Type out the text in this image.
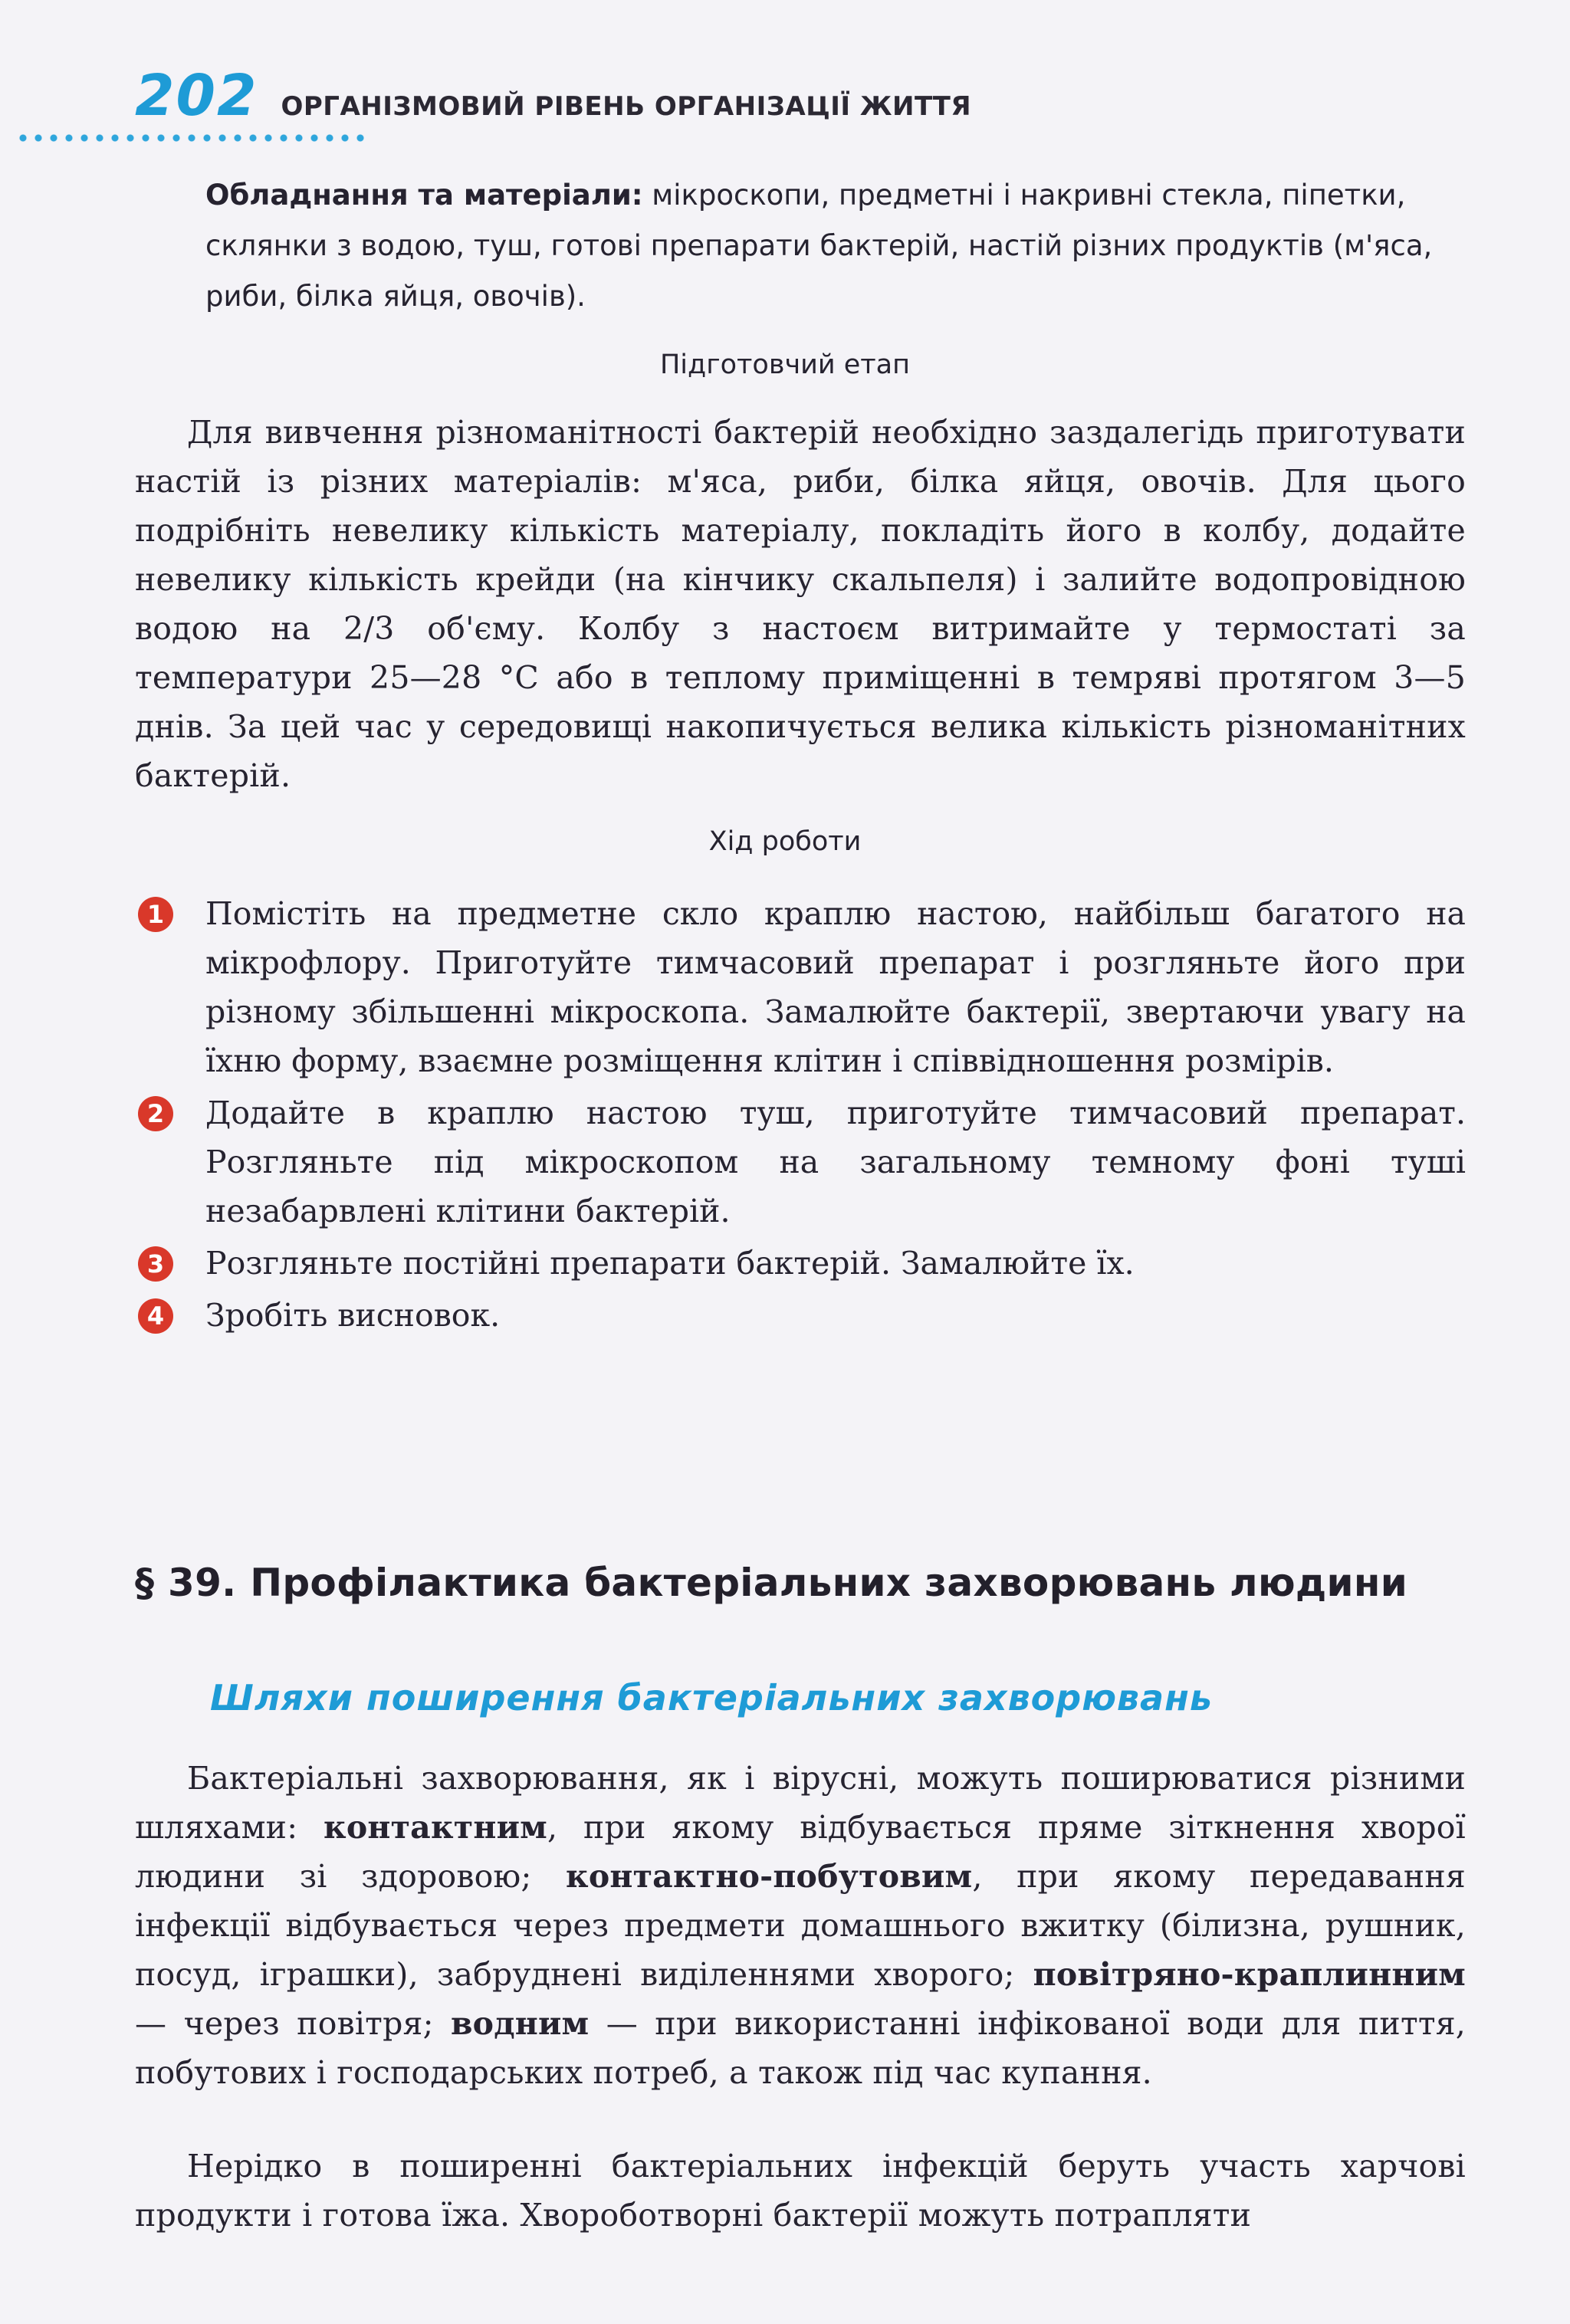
202 ОРГАНІЗМОВИЙ РІВЕНЬ ОРГАНІЗАЦІЇ ЖИТТЯ
Обладнання та матеріали: мікроскопи, предметні і накривні стекла, піпетки, склянки з водою, туш, готові препарати бактерій, настій різних продуктів (м'яса, риби, білка яйця, овочів).
Підготовчий етап
Для вивчення різноманітності бактерій необхідно заздалегідь приготувати настій із різних матеріалів: м'яса, риби, білка яйця, овочів. Для цього подрібніть невелику кількість матеріалу, покладіть його в колбу, додайте невелику кількість крейди (на кінчику скальпеля) і залийте водопровідною водою на 2/3 об'єму. Колбу з настоєм витримайте у термостаті за температури 25—28 °С або в теплому приміщенні в темряві протягом 3—5 днів. За цей час у середовищі накопичується велика кількість різноманітних бактерій.
Хід роботи
1 Помістіть на предметне скло краплю настою, найбільш багатого на мікрофлору. Приготуйте тимчасовий препарат і розгляньте його при різному збільшенні мікроскопа. Замалюйте бактерії, звертаючи увагу на їхню форму, взаємне розміщення клітин і співвідношення розмірів.
2 Додайте в краплю настою туш, приготуйте тимчасовий препарат. Розгляньте під мікроскопом на загальному темному фоні туші незабарвлені клітини бактерій.
3 Розгляньте постійні препарати бактерій. Замалюйте їх.
4 Зробіть висновок.
§ 39. Профілактика бактеріальних захворювань людини
Шляхи поширення бактеріальних захворювань
Бактеріальні захворювання, як і вірусні, можуть поширюватися різними шляхами: контактним, при якому відбувається пряме зіткнення хворої людини зі здоровою; контактно-побутовим, при якому передавання інфекції відбувається через предмети домашнього вжитку (білизна, рушник, посуд, іграшки), забруднені виділеннями хворого; повітряно-краплинним — через повітря; водним — при використанні інфікованої води для пиття, побутових і господарських потреб, а також під час купання.
Нерідко в поширенні бактеріальних інфекцій беруть участь харчові продукти і готова їжа. Хвороботворні бактерії можуть потрапляти
